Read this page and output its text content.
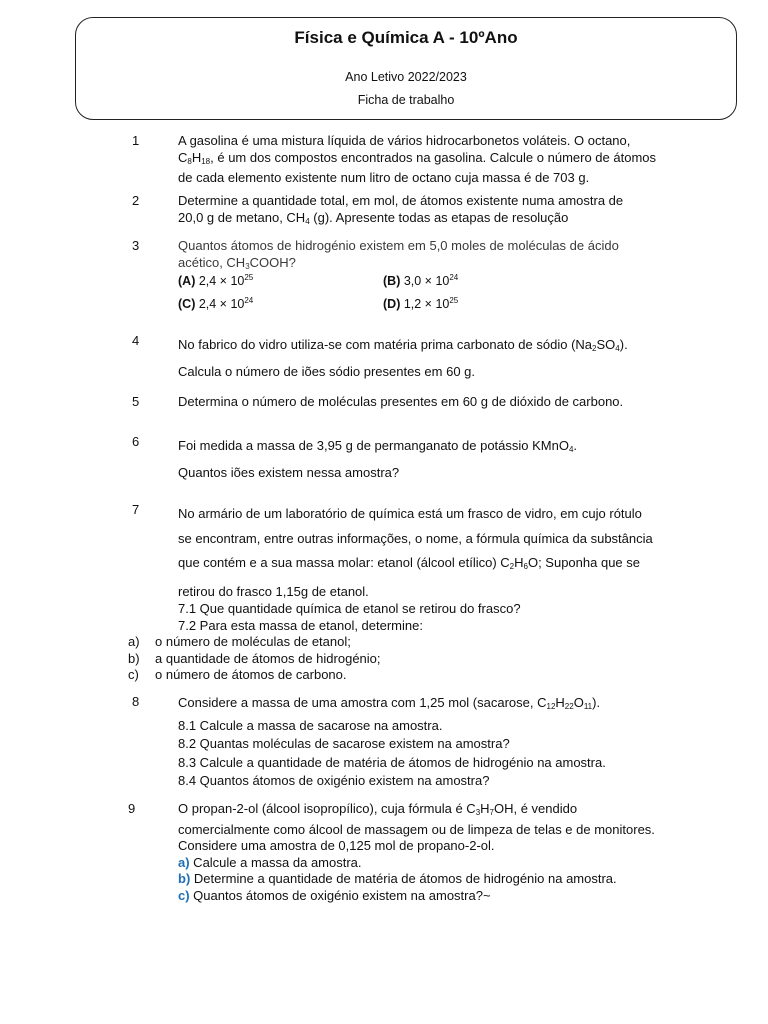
Física e Química A - 10ºAno
Ano Letivo 2022/2023
Ficha de trabalho
1	A gasolina é uma mistura líquida de vários hidrocarbonetos voláteis. O octano,
$C_8H_{18}$, é um dos compostos encontrados na gasolina. Calcule o número de átomos
de cada elemento existente num litro de octano cuja massa é de 703 g.
2	Determine a quantidade total, em mol, de átomos existente numa amostra de
20,0 g de metano, $CH_4$ (g). Apresente todas as etapas de resolução
3	Quantos átomos de hidrogénio existem em 5,0 moles de moléculas de ácido
acético, $CH_3COOH$?
(A) $2,4 \times 10^{25}$	(B) $3,0 \times 10^{24}$
(C) $2,4 \times 10^{24}$	(D) $1,2 \times 10^{25}$
4	No fabrico do vidro utiliza-se com matéria prima carbonato de sódio $(Na_2SO_4)$.
Calcula o número de iões sódio presentes em 60 g.
5	Determina o número de moléculas presentes em 60 g de dióxido de carbono.
6	Foi medida a massa de 3,95 g de permanganato de potássio KMnO$_4$.
Quantos iões existem nessa amostra?
7	No armário de um laboratório de química está um frasco de vidro, em cujo rótulo
se encontram, entre outras informações, o nome, a fórmula química da substância
que contém e a sua massa molar: etanol (álcool etílico) $C_2H_6O$; Suponha que se
retirou do frasco 1,15g de etanol.
7.1 Que quantidade química de etanol se retirou do frasco?
7.2 Para esta massa de etanol, determine:
a) o número de moléculas de etanol;
b) a quantidade de átomos de hidrogénio;
c) o número de átomos de carbono.
8	Considere a massa de uma amostra com 1,25 mol (sacarose, $C_{12}H_{22}O_{11}$).
8.1 Calcule a massa de sacarose na amostra.
8.2 Quantas moléculas de sacarose existem na amostra?
8.3 Calcule a quantidade de matéria de átomos de hidrogénio na amostra.
8.4 Quantos átomos de oxigénio existem na amostra?
9	O propan-2-ol (álcool isopropílico), cuja fórmula é $C_3H_7OH$, é vendido
comercialmente como álcool de massagem ou de limpeza de telas e de monitores.
Considere uma amostra de 0,125 mol de propano-2-ol.
a) Calcule a massa da amostra.
b) Determine a quantidade de matéria de átomos de hidrogénio na amostra.
c) Quantos átomos de oxigénio existem na amostra?~
